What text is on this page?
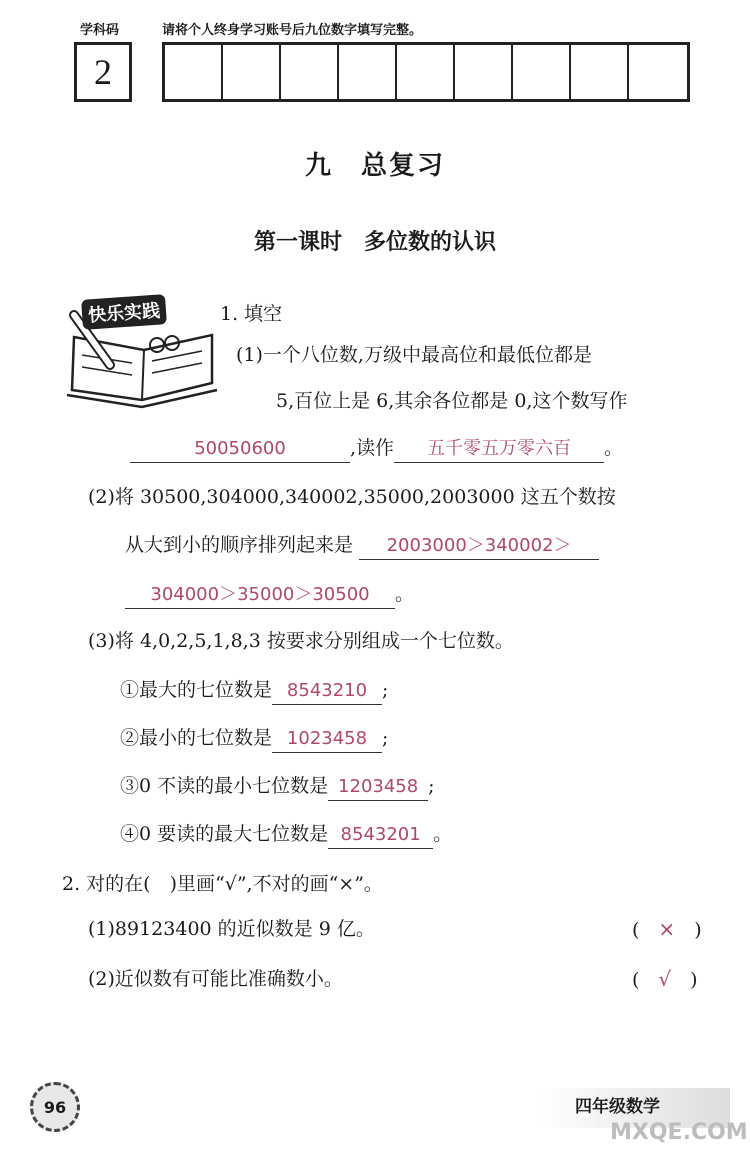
学科码	请将个人终身学习账号后九位数字填写完整。
2
九　总复习
第一课时　多位数的认识
快乐实践	1. 填空
(1)一个八位数,万级中最高位和最低位都是
5,百位上是 6,其余各位都是 0,这个数写作
50050600	,读作 五千零五万零六百 。
(2)将 30500,304000,340002,35000,2003000 这五个数按
从大到小的顺序排列起来是 2003000＞340002＞
304000＞35000＞30500 。
(3)将 4,0,2,5,1,8,3 按要求分别组成一个七位数。
①最大的七位数是 8543210 ;
②最小的七位数是 1023458 ;
③0 不读的最小七位数是 1203458 ;
④0 要读的最大七位数是 8543201 。
2. 对的在(　)里画“√”,不对的画“×”。
(1)89123400 的近似数是 9 亿。	(　×　)
(2)近似数有可能比准确数小。	(　√　)
96	四年级数学
MXQE.COM
